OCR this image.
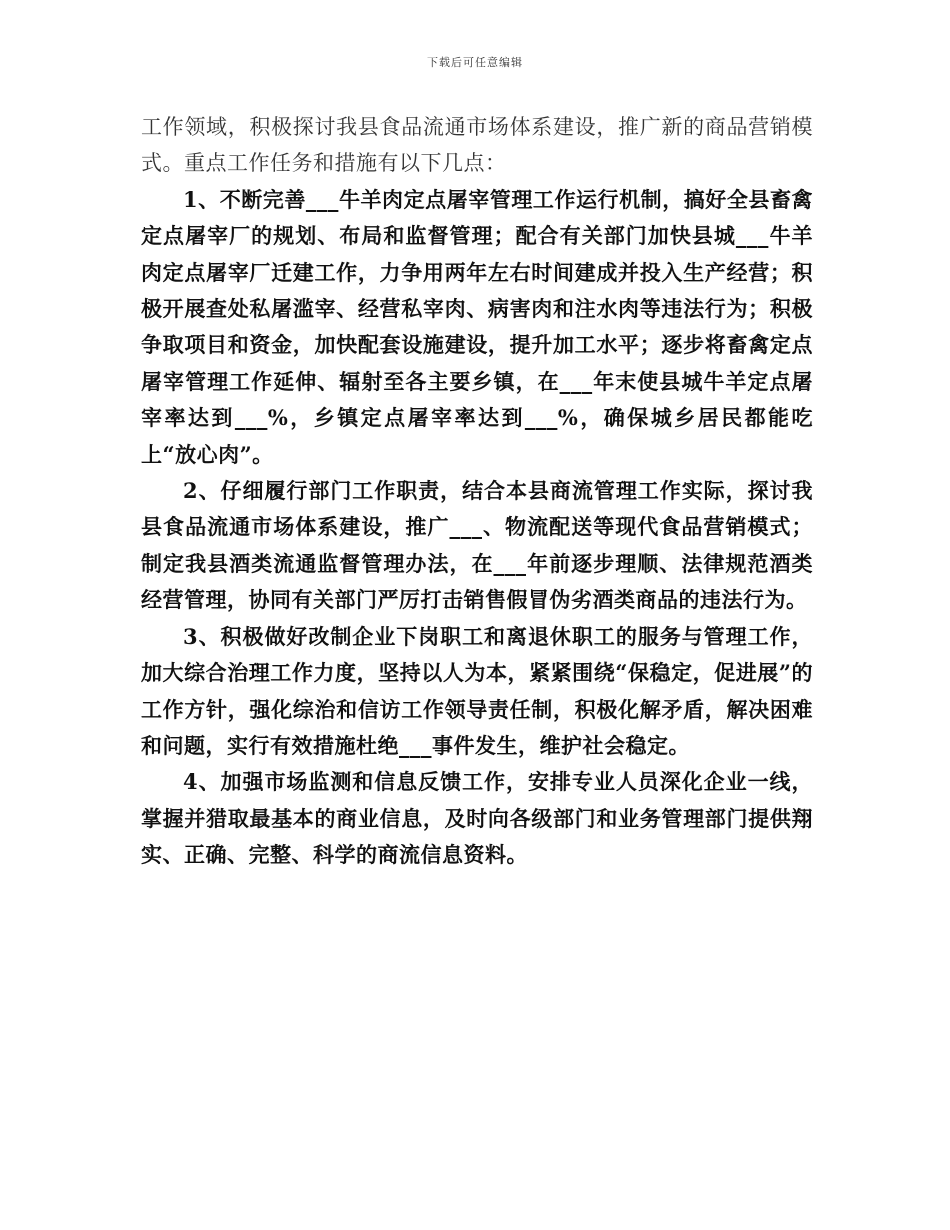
下载后可任意编辑

工作领域，积极探讨我县食品流通市场体系建设，推广新的商品营销模式。重点工作任务和措施有以下几点：

1、不断完善___牛羊肉定点屠宰管理工作运行机制，搞好全县畜禽定点屠宰厂的规划、布局和监督管理；配合有关部门加快县城___牛羊肉定点屠宰厂迁建工作，力争用两年左右时间建成并投入生产经营；积极开展查处私屠滥宰、经营私宰肉、病害肉和注水肉等违法行为；积极争取项目和资金，加快配套设施建设，提升加工水平；逐步将畜禽定点屠宰管理工作延伸、辐射至各主要乡镇，在___年末使县城牛羊定点屠宰率达到___%，乡镇定点屠宰率达到___%，确保城乡居民都能吃上“放心肉”。

2、仔细履行部门工作职责，结合本县商流管理工作实际，探讨我县食品流通市场体系建设，推广___、物流配送等现代食品营销模式；制定我县酒类流通监督管理办法，在___年前逐步理顺、法律规范酒类经营管理，协同有关部门严厉打击销售假冒伪劣酒类商品的违法行为。

3、积极做好改制企业下岗职工和离退休职工的服务与管理工作，加大综合治理工作力度，坚持以人为本，紧紧围绕“保稳定，促进展”的工作方针，强化综治和信访工作领导责任制，积极化解矛盾，解决困难和问题，实行有效措施杜绝___事件发生，维护社会稳定。

4、加强市场监测和信息反馈工作，安排专业人员深化企业一线，掌握并猎取最基本的商业信息，及时向各级部门和业务管理部门提供翔实、正确、完整、科学的商流信息资料。
